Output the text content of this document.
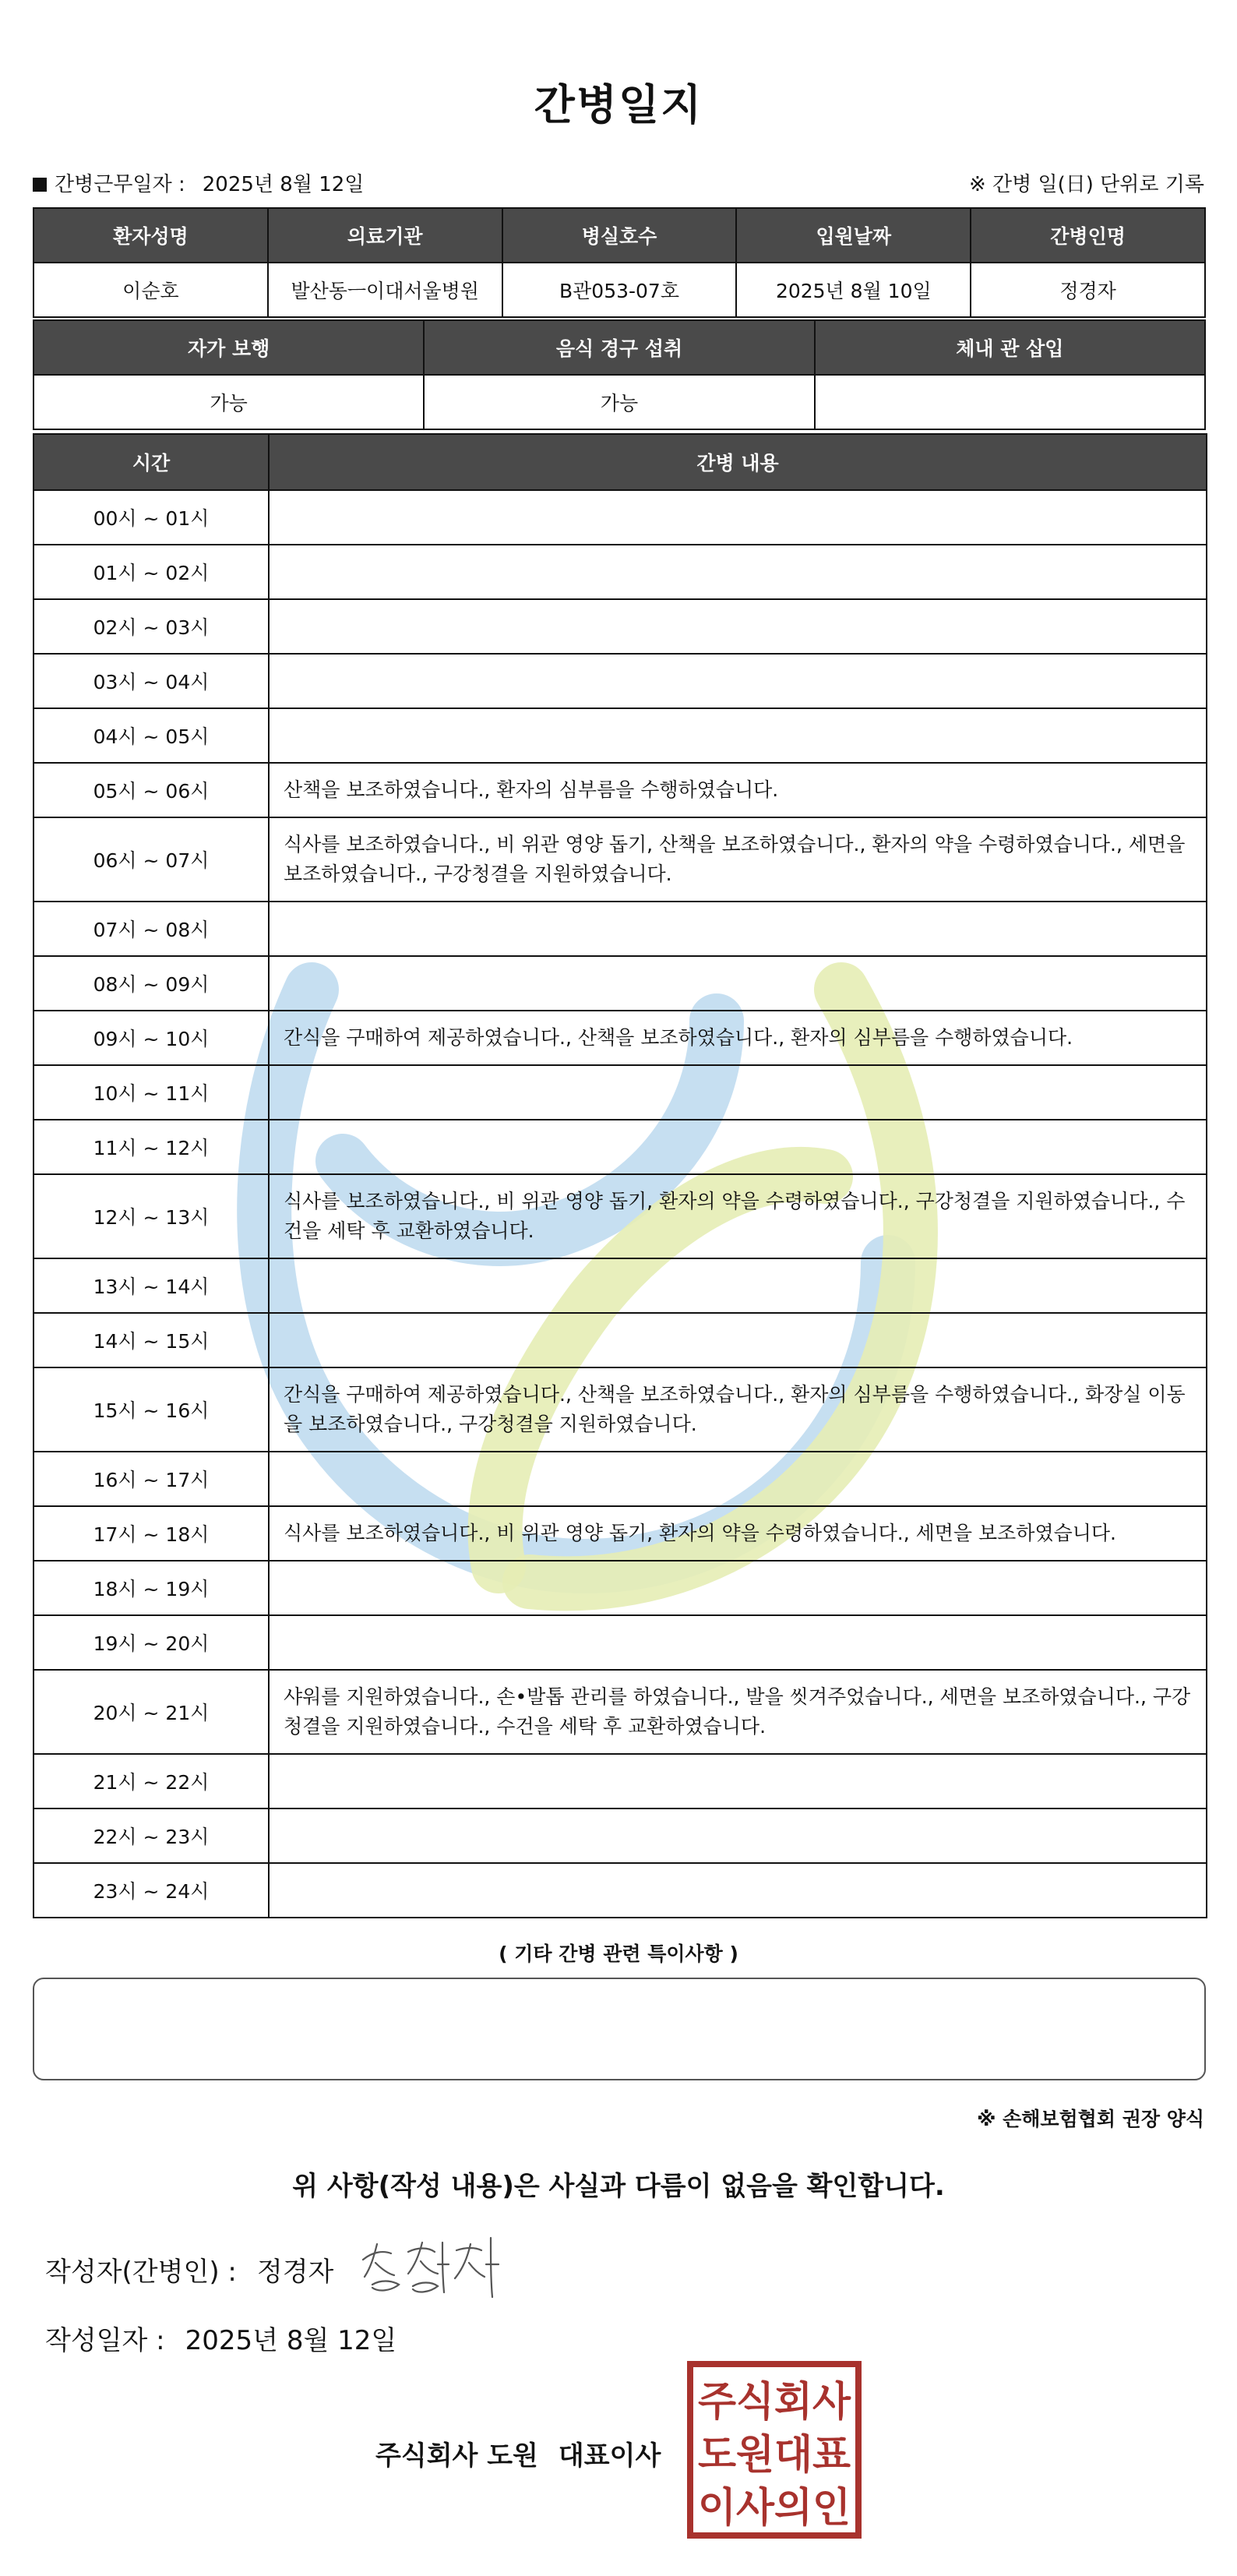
간병일지
간병근무일자 : 2025년 8월 12일	※ 간병 일(日) 단위로 기록
환자성명	의료기관	병실호수	입원날짜	간병인명
이순호	발산동ㅡ이대서울병원	B관053-07호	2025년 8월 10일	정경자
자가 보행	음식 경구 섭취	체내 관 삽입
가능	가능	
시간	간병 내용
00시 ~ 01시	
01시 ~ 02시	
02시 ~ 03시	
03시 ~ 04시	
04시 ~ 05시	
05시 ~ 06시	산책을 보조하였습니다., 환자의 심부름을 수행하였습니다.
06시 ~ 07시	식사를 보조하였습니다., 비 위관 영양 돕기, 산책을 보조하였습니다., 환자의 약을 수령하였습니다., 세면을 보조하였습니다., 구강청결을 지원하였습니다.
07시 ~ 08시	
08시 ~ 09시	
09시 ~ 10시	간식을 구매하여 제공하였습니다., 산책을 보조하였습니다., 환자의 심부름을 수행하였습니다.
10시 ~ 11시	
11시 ~ 12시	
12시 ~ 13시	식사를 보조하였습니다., 비 위관 영양 돕기, 환자의 약을 수령하였습니다., 구강청결을 지원하였습니다., 수건을 세탁 후 교환하였습니다.
13시 ~ 14시	
14시 ~ 15시	
15시 ~ 16시	간식을 구매하여 제공하였습니다., 산책을 보조하였습니다., 환자의 심부름을 수행하였습니다., 화장실 이동을 보조하였습니다., 구강청결을 지원하였습니다.
16시 ~ 17시	
17시 ~ 18시	식사를 보조하였습니다., 비 위관 영양 돕기, 환자의 약을 수령하였습니다., 세면을 보조하였습니다.
18시 ~ 19시	
19시 ~ 20시	
20시 ~ 21시	샤워를 지원하였습니다., 손•발톱 관리를 하였습니다., 발을 씻겨주었습니다., 세면을 보조하였습니다., 구강청결을 지원하였습니다., 수건을 세탁 후 교환하였습니다.
21시 ~ 22시	
22시 ~ 23시	
23시 ~ 24시	
( 기타 간병 관련 특이사항 )
※ 손해보험협회 권장 양식
위 사항(작성 내용)은 사실과 다름이 없음을 확인합니다.
작성자(간병인) : 정경자
작성일자 : 2025년 8월 12일
주식회사 도원 대표이사
주식회사
도원대표
이사의인
